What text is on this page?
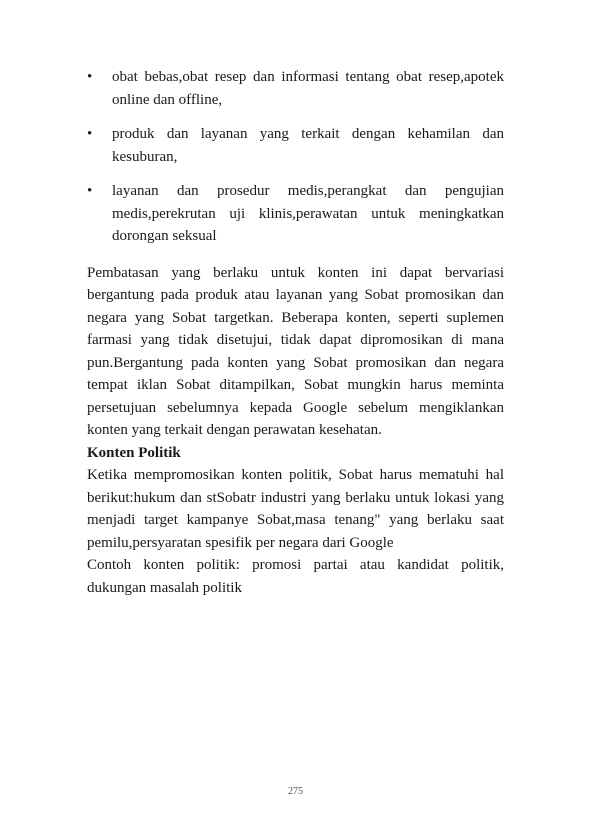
•	obat bebas,obat resep dan informasi tentang obat resep,apotek online dan offline,
•	produk dan layanan yang terkait dengan kehamilan dan kesuburan,
•	layanan dan prosedur medis,perangkat dan pengujian medis,perekrutan uji klinis,perawatan untuk meningkatkan dorongan seksual

Pembatasan yang berlaku untuk konten ini dapat bervariasi bergantung pada produk atau layanan yang Sobat promosikan dan negara yang Sobat targetkan. Beberapa konten, seperti suplemen farmasi yang tidak disetujui, tidak dapat dipromosikan di mana pun.Bergantung pada konten yang Sobat promosikan dan negara tempat iklan Sobat ditampilkan, Sobat mungkin harus meminta persetujuan sebelumnya kepada Google sebelum mengiklankan konten yang terkait dengan perawatan kesehatan.

Konten Politik

Ketika mempromosikan konten politik, Sobat harus mematuhi hal berikut:hukum dan stSobatr industri yang berlaku untuk lokasi yang menjadi target kampanye Sobat,masa tenang" yang berlaku saat pemilu,persyaratan spesifik per negara dari Google

Contoh konten politik: promosi partai atau kandidat politik, dukungan masalah politik

275
